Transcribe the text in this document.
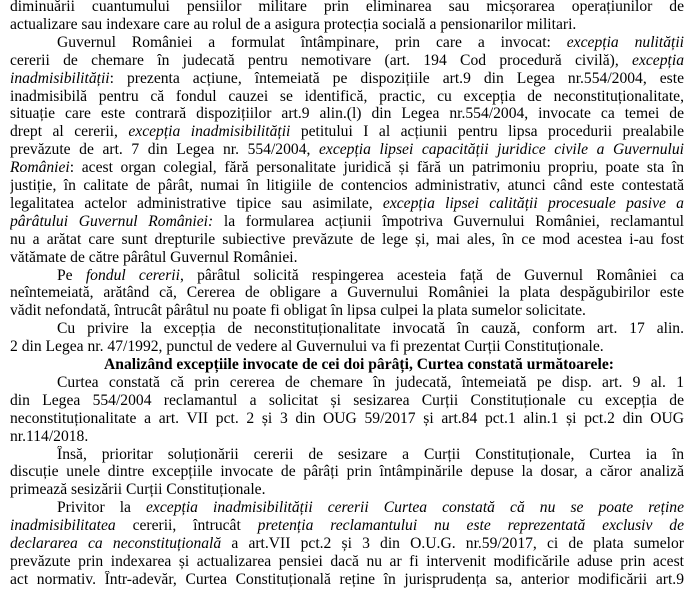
diminuării cuantumului pensiilor militare prin eliminarea sau micșorarea operațiunilor de
actualizare sau indexare care au rolul de a asigura protecția socială a pensionarilor militari.
Guvernul României a formulat întâmpinare, prin care a invocat: excepția nulității
cererii de chemare în judecată pentru nemotivare (art. 194 Cod procedură civilă), excepția
inadmisibilității: prezenta acțiune, întemeiată pe dispozițiile art.9 din Legea nr.554/2004, este
inadmisibilă pentru că fondul cauzei se identifică, practic, cu excepția de neconstituționalitate,
situație care este contrară dispozițiilor art.9 alin.(l) din Legea nr.554/2004, invocate ca temei de
drept al cererii, excepția inadmisibilității petitului I al acțiunii pentru lipsa procedurii prealabile
prevăzute de art. 7 din Legea nr. 554/2004, excepția lipsei capacității juridice civile a Guvernului
României: acest organ colegial, fără personalitate juridică și fără un patrimoniu propriu, poate sta în
justiție, în calitate de pârât, numai în litigiile de contencios administrativ, atunci când este contestată
legalitatea actelor administrative tipice sau asimilate, excepția lipsei calității procesuale pasive a
pârâtului Guvernul României: la formularea acțiunii împotriva Guvernului României, reclamantul
nu a arătat care sunt drepturile subiective prevăzute de lege și, mai ales, în ce mod acestea i-au fost
vătămate de către pârâtul Guvernul României.
Pe fondul cererii, pârâtul solicită respingerea acesteia față de Guvernul României ca
neîntemeiată, arătând că, Cererea de obligare a Guvernului României la plata despăgubirilor este
vădit nefondată, întrucât pârâtul nu poate fi obligat în lipsa culpei la plata sumelor solicitate.
Cu privire la excepția de neconstituționalitate invocată în cauză, conform art. 17 alin.
2 din Legea nr. 47/1992, punctul de vedere al Guvernului va fi prezentat Curții Constituționale.
Analizând excepțiile invocate de cei doi pârâți, Curtea constată următoarele:
Curtea constată că prin cererea de chemare în judecată, întemeiată pe disp. art. 9 al. 1
din Legea 554/2004 reclamantul a solicitat și sesizarea Curții Constituționale cu excepția de
neconstituționalitate a art. VII pct. 2 și 3 din OUG 59/2017 și art.84 pct.1 alin.1 și pct.2 din OUG
nr.114/2018.
Însă, prioritar soluționării cererii de sesizare a Curții Constituționale, Curtea ia în
discuție unele dintre excepțiile invocate de pârâți prin întâmpinările depuse la dosar, a căror analiză
primează sesizării Curții Constituționale.
Privitor la excepția inadmisibilității cererii Curtea constată că nu se poate reține
inadmisibilitatea cererii, întrucât pretenția reclamantului nu este reprezentată exclusiv de
declararea ca neconstituțională a art.VII pct.2 și 3 din O.U.G. nr.59/2017, ci de plata sumelor
prevăzute prin indexarea și actualizarea pensiei dacă nu ar fi intervenit modificările aduse prin acest
act normativ. Într-adevăr, Curtea Constituțională reține în jurisprudența sa, anterior modificării art.9
